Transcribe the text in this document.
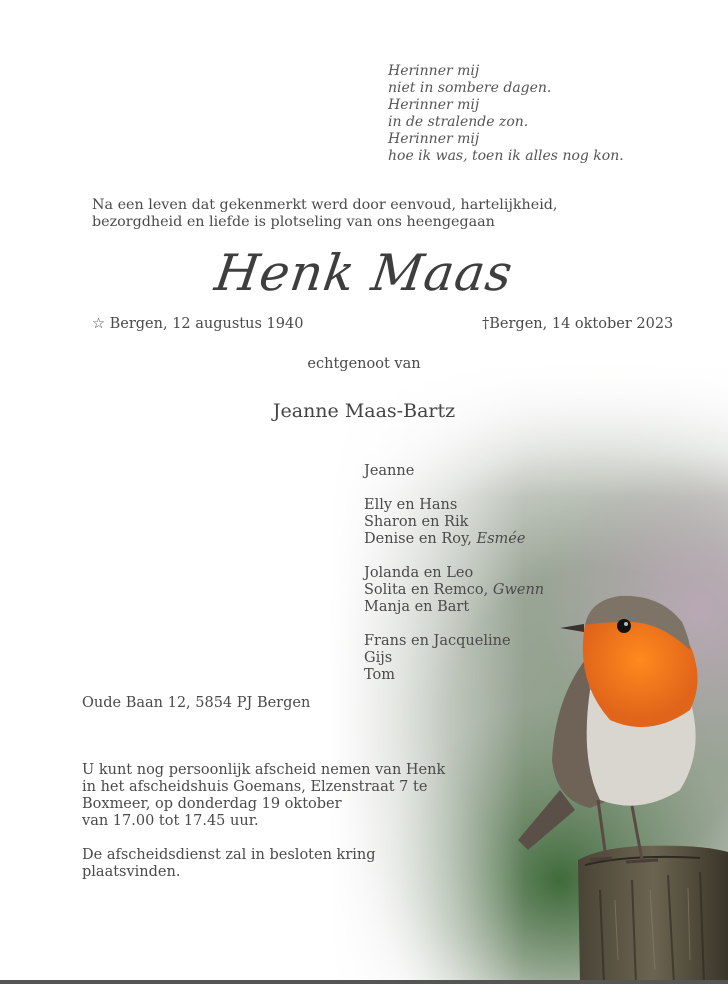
Herinner mij
niet in sombere dagen.
Herinner mij
in de stralende zon.
Herinner mij
hoe ik was, toen ik alles nog kon.
Na een leven dat gekenmerkt werd door eenvoud, hartelijkheid,
bezorgdheid en liefde is plotseling van ons heengegaan
Henk Maas
☆ Bergen, 12 augustus 1940	†Bergen, 14 oktober 2023
echtgenoot van
Jeanne Maas-Bartz
Jeanne
Elly en Hans
Sharon en Rik
Denise en Roy, Esmée
Jolanda en Leo
Solita en Remco, Gwenn
Manja en Bart
Frans en Jacqueline
Gijs
Tom
Oude Baan 12, 5854 PJ Bergen
U kunt nog persoonlijk afscheid nemen van Henk
in het afscheidshuis Goemans, Elzenstraat 7 te
Boxmeer, op donderdag 19 oktober
van 17.00 tot 17.45 uur.
De afscheidsdienst zal in besloten kring
plaatsvinden.
